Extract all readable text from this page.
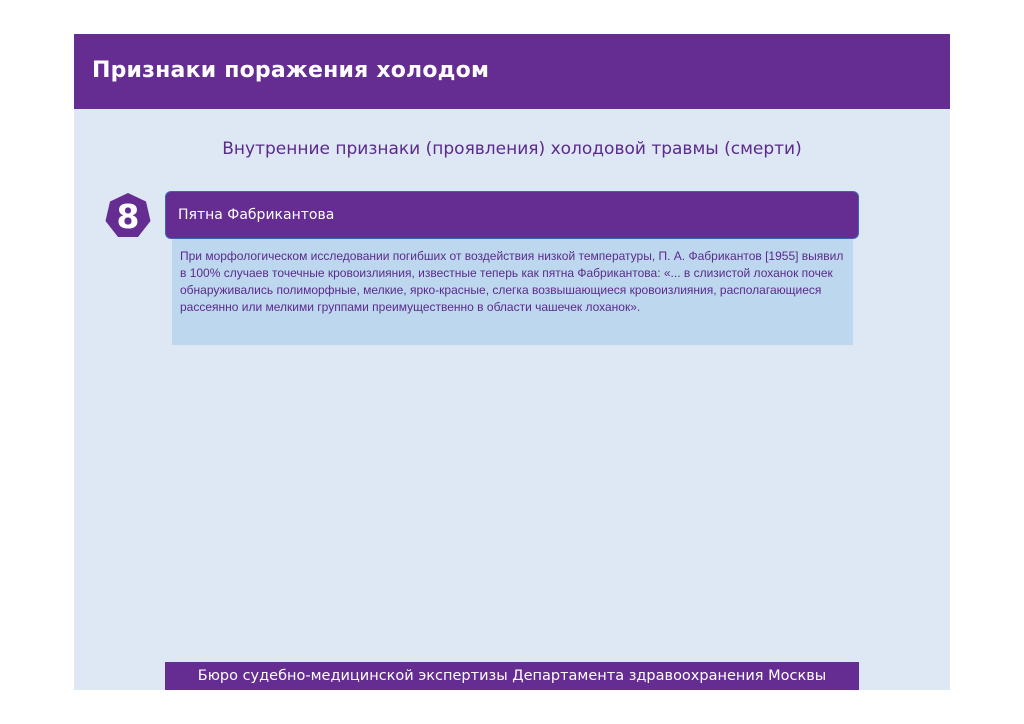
Признаки поражения холодом
Внутренние признаки (проявления) холодовой травмы (смерти)
8	Пятна Фабрикантова

При морфологическом исследовании погибших от воздействия низкой температуры, П. А. Фабрикантов [1955] выявил в 100% случаев точечные кровоизлияния, известные теперь как пятна Фабрикантова: «... в слизистой лоханок почек обнаруживались полиморфные, мелкие, ярко-красные, слегка возвышающиеся кровоизлияния, располагающиеся рассеянно или мелкими группами преимущественно в области чашечек лоханок».

Бюро судебно-медицинской экспертизы Департамента здравоохранения Москвы
